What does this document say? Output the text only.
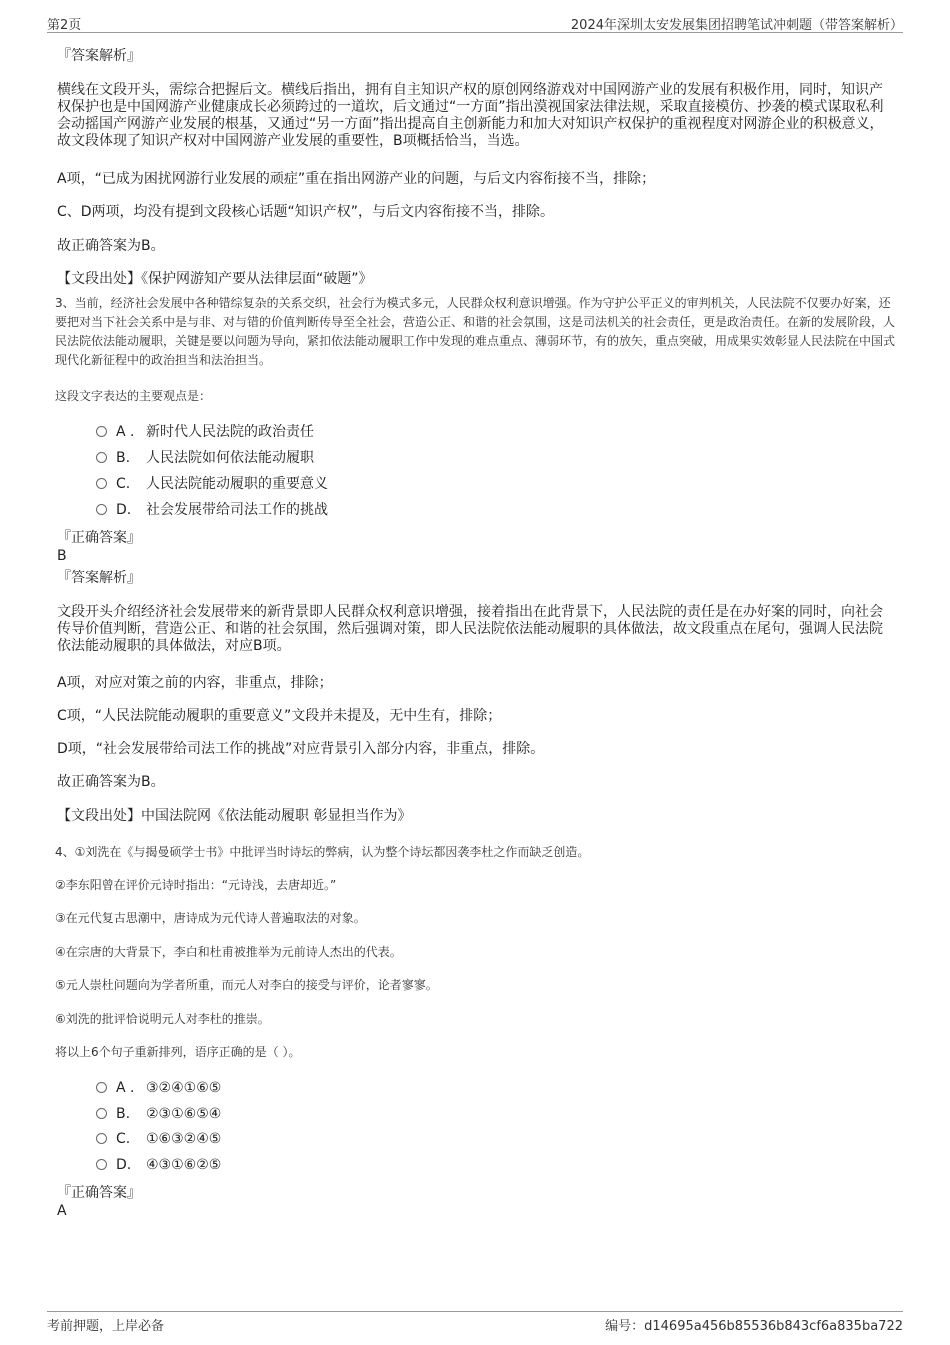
第2页	2024年深圳太安发展集团招聘笔试冲刺题（带答案解析）
『答案解析』
横线在文段开头，需综合把握后文。横线后指出，拥有自主知识产权的原创网络游戏对中国网游产业的发展有积极作用，同时，知识产权保护也是中国网游产业健康成长必须跨过的一道坎，后文通过“一方面”指出漠视国家法律法规，采取直接模仿、抄袭的模式谋取私利会动摇国产网游产业发展的根基，又通过“另一方面”指出提高自主创新能力和加大对知识产权保护的重视程度对网游企业的积极意义，故文段体现了知识产权对中国网游产业发展的重要性，B项概括恰当，当选。
A项，“已成为困扰网游行业发展的顽症”重在指出网游产业的问题，与后文内容衔接不当，排除；
C、D两项，均没有提到文段核心话题“知识产权”，与后文内容衔接不当，排除。
故正确答案为B。
【文段出处】《保护网游知产要从法律层面“破题”》
3、当前，经济社会发展中各种错综复杂的关系交织，社会行为模式多元，人民群众权利意识增强。作为守护公平正义的审判机关，人民法院不仅要办好案，还要把对当下社会关系中是与非、对与错的价值判断传导至全社会，营造公正、和谐的社会氛围，这是司法机关的社会责任，更是政治责任。在新的发展阶段，人民法院依法能动履职，关键是要以问题为导向，紧扣依法能动履职工作中发现的难点重点、薄弱环节，有的放矢，重点突破，用成果实效彰显人民法院在中国式现代化新征程中的政治担当和法治担当。
这段文字表达的主要观点是：
A . 新时代人民法院的政治责任
B. 人民法院如何依法能动履职
C. 人民法院能动履职的重要意义
D. 社会发展带给司法工作的挑战
『正确答案』
B
『答案解析』
文段开头介绍经济社会发展带来的新背景即人民群众权利意识增强，接着指出在此背景下，人民法院的责任是在办好案的同时，向社会传导价值判断，营造公正、和谐的社会氛围，然后强调对策，即人民法院依法能动履职的具体做法，故文段重点在尾句，强调人民法院依法能动履职的具体做法，对应B项。
A项，对应对策之前的内容，非重点，排除；
C项，“人民法院能动履职的重要意义”文段并未提及，无中生有，排除；
D项，“社会发展带给司法工作的挑战”对应背景引入部分内容，非重点，排除。
故正确答案为B。
【文段出处】中国法院网《依法能动履职 彰显担当作为》
4、①刘洗在《与揭曼硕学士书》中批评当时诗坛的弊病，认为整个诗坛都因袭李杜之作而缺乏创造。
②李东阳曾在评价元诗时指出：“元诗浅，去唐却近。”
③在元代复古思潮中，唐诗成为元代诗人普遍取法的对象。
④在宗唐的大背景下，李白和杜甫被推举为元前诗人杰出的代表。
⑤元人崇杜问题向为学者所重，而元人对李白的接受与评价，论者寥寥。
⑥刘洗的批评恰说明元人对李杜的推崇。
将以上6个句子重新排列，语序正确的是（ ）。
A . ③②④①⑥⑤
B. ②③①⑥⑤④
C. ①⑥③②④⑤
D. ④③①⑥②⑤
『正确答案』
A
考前押题，上岸必备	编号：d14695a456b85536b843cf6a835ba722
